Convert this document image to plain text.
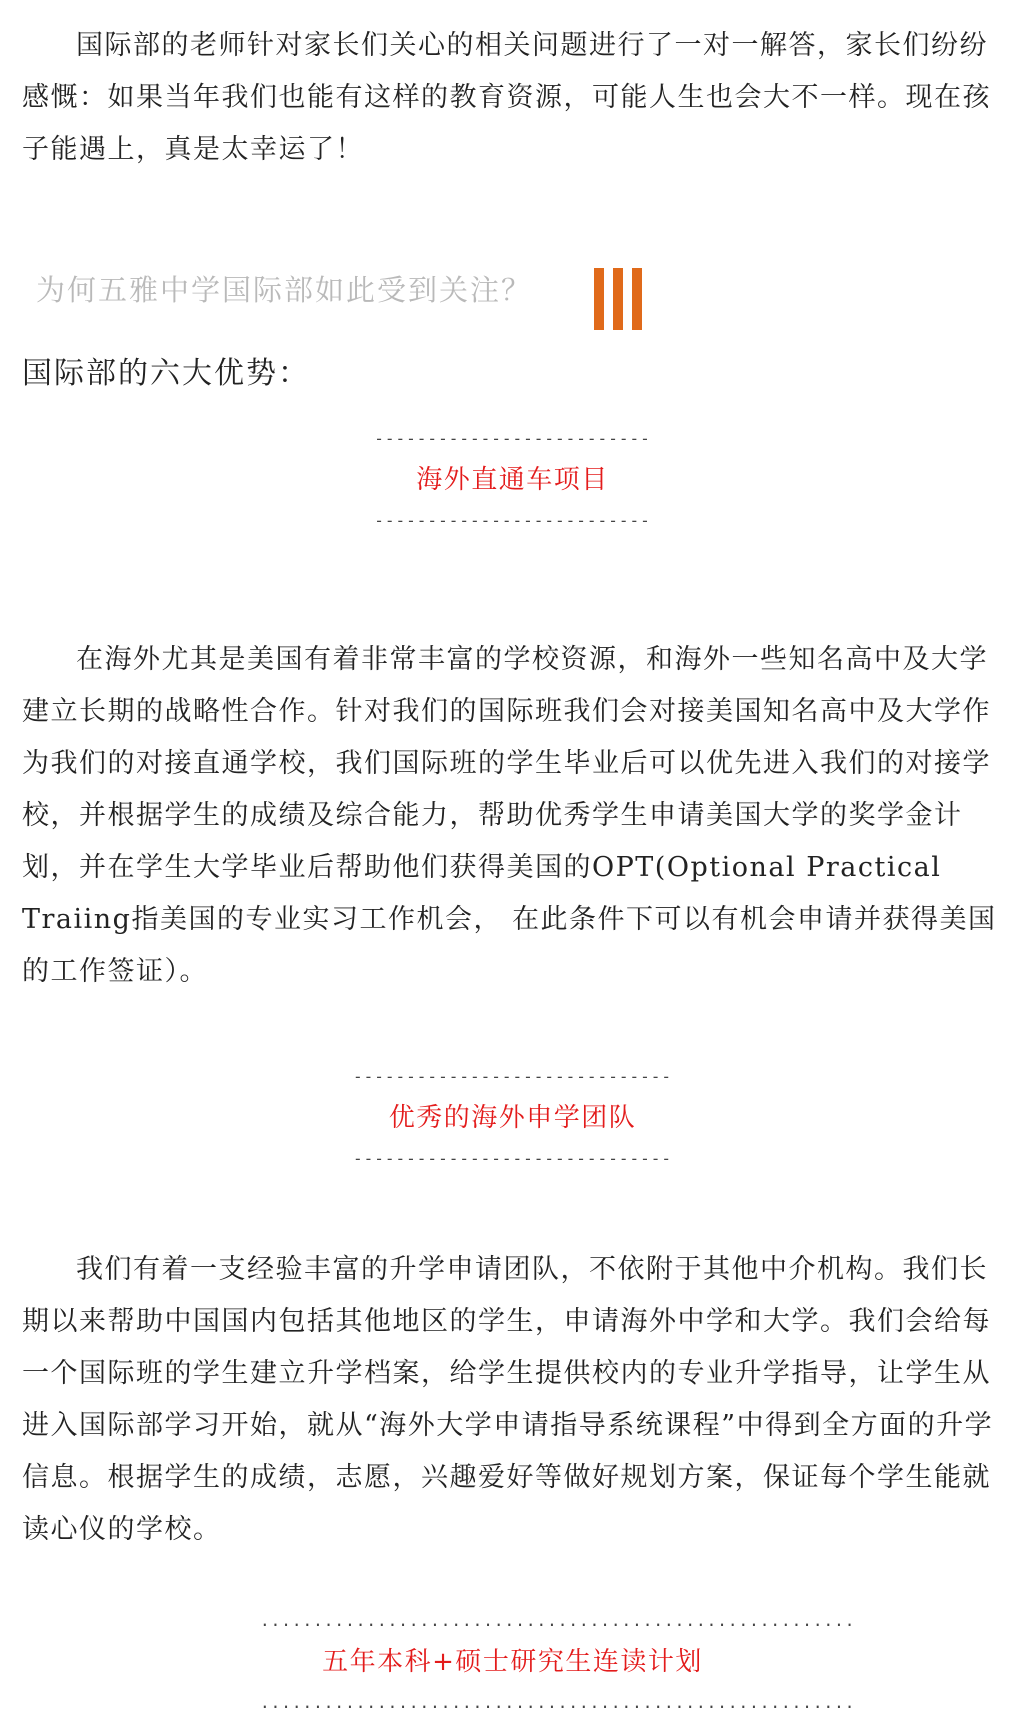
国际部的老师针对家长们关心的相关问题进行了一对一解答，家长们纷纷感慨：如果当年我们也能有这样的教育资源，可能人生也会大不一样。现在孩子能遇上，真是太幸运了！

为何五雅中学国际部如此受到关注？
国际部的六大优势：
--------------------------
海外直通车项目
--------------------------

在海外尤其是美国有着非常丰富的学校资源，和海外一些知名高中及大学建立长期的战略性合作。针对我们的国际班我们会对接美国知名高中及大学作为我们的对接直通学校，我们国际班的学生毕业后可以优先进入我们的对接学校，并根据学生的成绩及综合能力，帮助优秀学生申请美国大学的奖学金计划，并在学生大学毕业后帮助他们获得美国的OPT(Optional Practical Traiing指美国的专业实习工作机会， 在此条件下可以有机会申请并获得美国的工作签证）。

------------------------------
优秀的海外申学团队
------------------------------

我们有着一支经验丰富的升学申请团队，不依附于其他中介机构。我们长期以来帮助中国国内包括其他地区的学生，申请海外中学和大学。我们会给每一个国际班的学生建立升学档案，给学生提供校内的专业升学指导，让学生从进入国际部学习开始，就从“海外大学申请指导系统课程”中得到全方面的升学信息。根据学生的成绩，志愿，兴趣爱好等做好规划方案，保证每个学生能就读心仪的学校。

........................................................
五年本科+硕士研究生连读计划
........................................................
